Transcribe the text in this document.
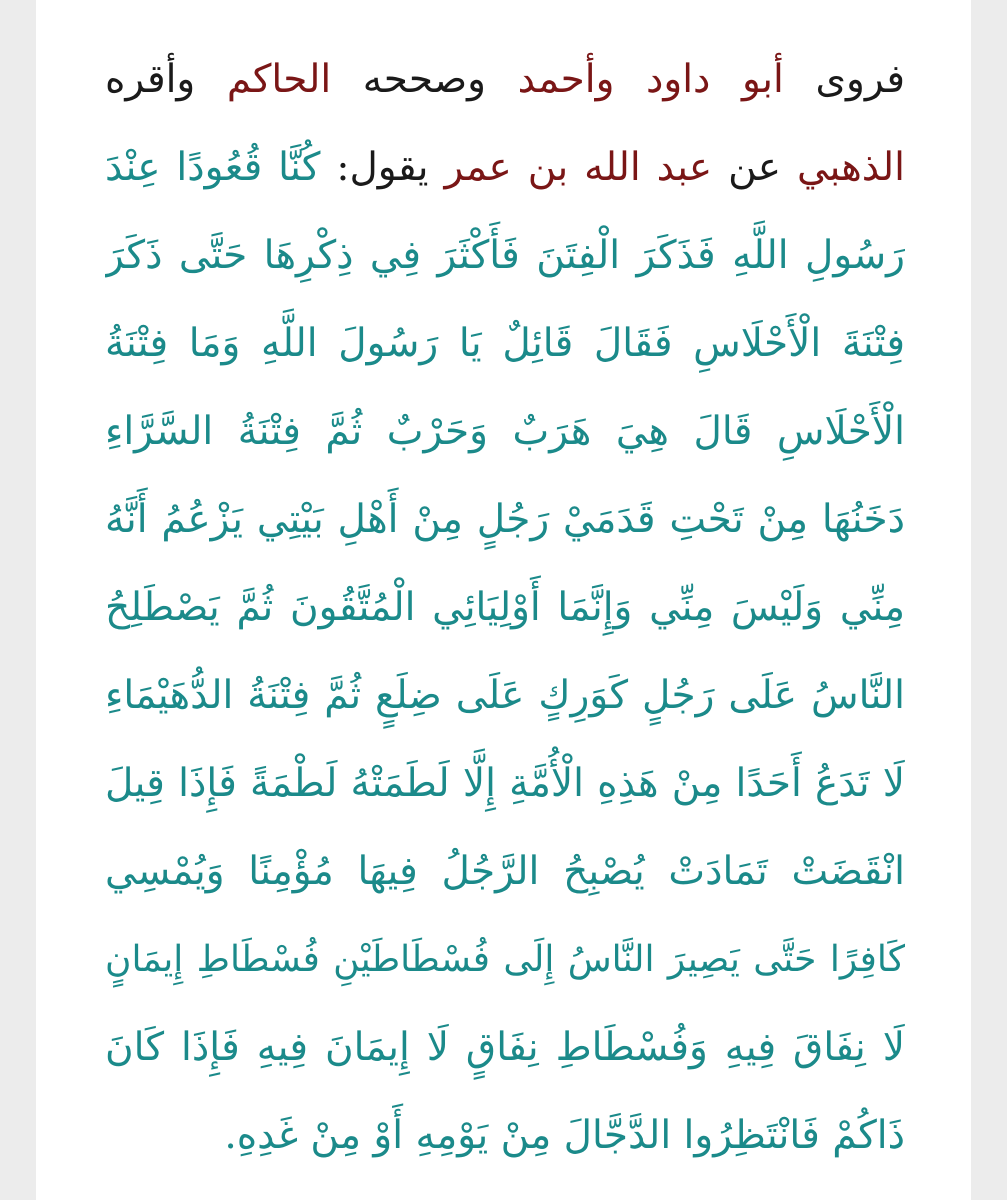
فروى أبو داود وأحمد وصححه الحاكم وأقره
الذهبي عن عبد الله بن عمر يقول: كُنَّا قُعُودًا عِنْدَ
رَسُولِ اللَّهِ فَذَكَرَ الْفِتَنَ فَأَكْثَرَ فِي ذِكْرِهَا حَتَّى ذَكَرَ
فِتْنَةَ الْأَحْلَاسِ فَقَالَ قَائِلٌ يَا رَسُولَ اللَّهِ وَمَا فِتْنَةُ
الْأَحْلَاسِ قَالَ هِيَ هَرَبٌ وَحَرْبٌ ثُمَّ فِتْنَةُ السَّرَّاءِ
دَخَنُهَا مِنْ تَحْتِ قَدَمَيْ رَجُلٍ مِنْ أَهْلِ بَيْتِي يَزْعُمُ أَنَّهُ
مِنِّي وَلَيْسَ مِنِّي وَإِنَّمَا أَوْلِيَائِي الْمُتَّقُونَ ثُمَّ يَصْطَلِحُ
النَّاسُ عَلَى رَجُلٍ كَوَرِكٍ عَلَى ضِلَعٍ ثُمَّ فِتْنَةُ الدُّهَيْمَاءِ
لَا تَدَعُ أَحَدًا مِنْ هَذِهِ الْأُمَّةِ إِلَّا لَطَمَتْهُ لَطْمَةً فَإِذَا قِيلَ
انْقَضَتْ تَمَادَتْ يُصْبِحُ الرَّجُلُ فِيهَا مُؤْمِنًا وَيُمْسِي
كَافِرًا حَتَّى يَصِيرَ النَّاسُ إِلَى فُسْطَاطَيْنِ فُسْطَاطِ إِيمَانٍ
لَا نِفَاقَ فِيهِ وَفُسْطَاطِ نِفَاقٍ لَا إِيمَانَ فِيهِ فَإِذَا كَانَ
ذَاكُمْ فَانْتَظِرُوا الدَّجَّالَ مِنْ يَوْمِهِ أَوْ مِنْ غَدِهِ.
